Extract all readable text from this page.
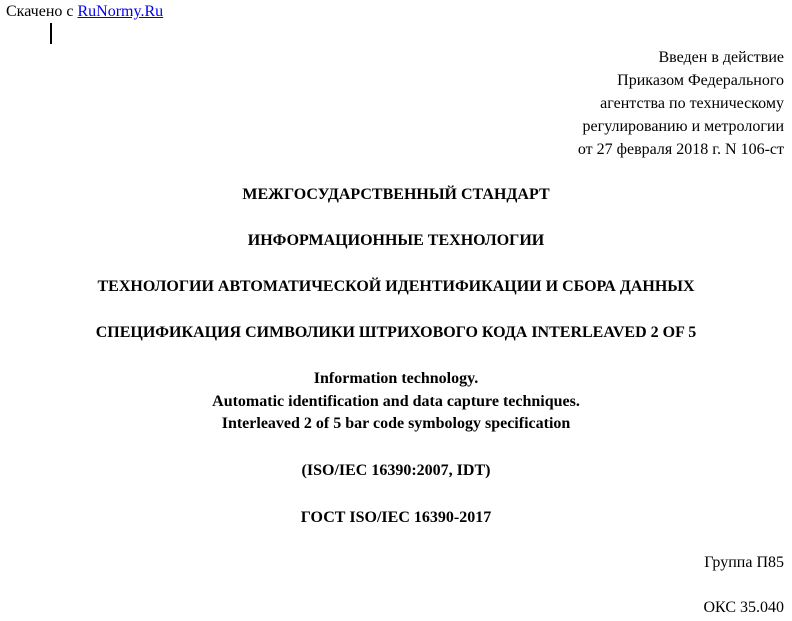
Скачено с RuNormy.Ru
Введен в действие
Приказом Федерального
агентства по техническому
регулированию и метрологии
от 27 февраля 2018 г. N 106-ст
МЕЖГОСУДАРСТВЕННЫЙ СТАНДАРТ
ИНФОРМАЦИОННЫЕ ТЕХНОЛОГИИ
ТЕХНОЛОГИИ АВТОМАТИЧЕСКОЙ ИДЕНТИФИКАЦИИ И СБОРА ДАННЫХ
СПЕЦИФИКАЦИЯ СИМВОЛИКИ ШТРИХОВОГО КОДА INTERLEAVED 2 OF 5
Information technology.
Automatic identification and data capture techniques.
Interleaved 2 of 5 bar code symbology specification
(ISO/IEC 16390:2007, IDT)
ГОСТ ISO/IEC 16390-2017
Группа П85
ОКС 35.040
